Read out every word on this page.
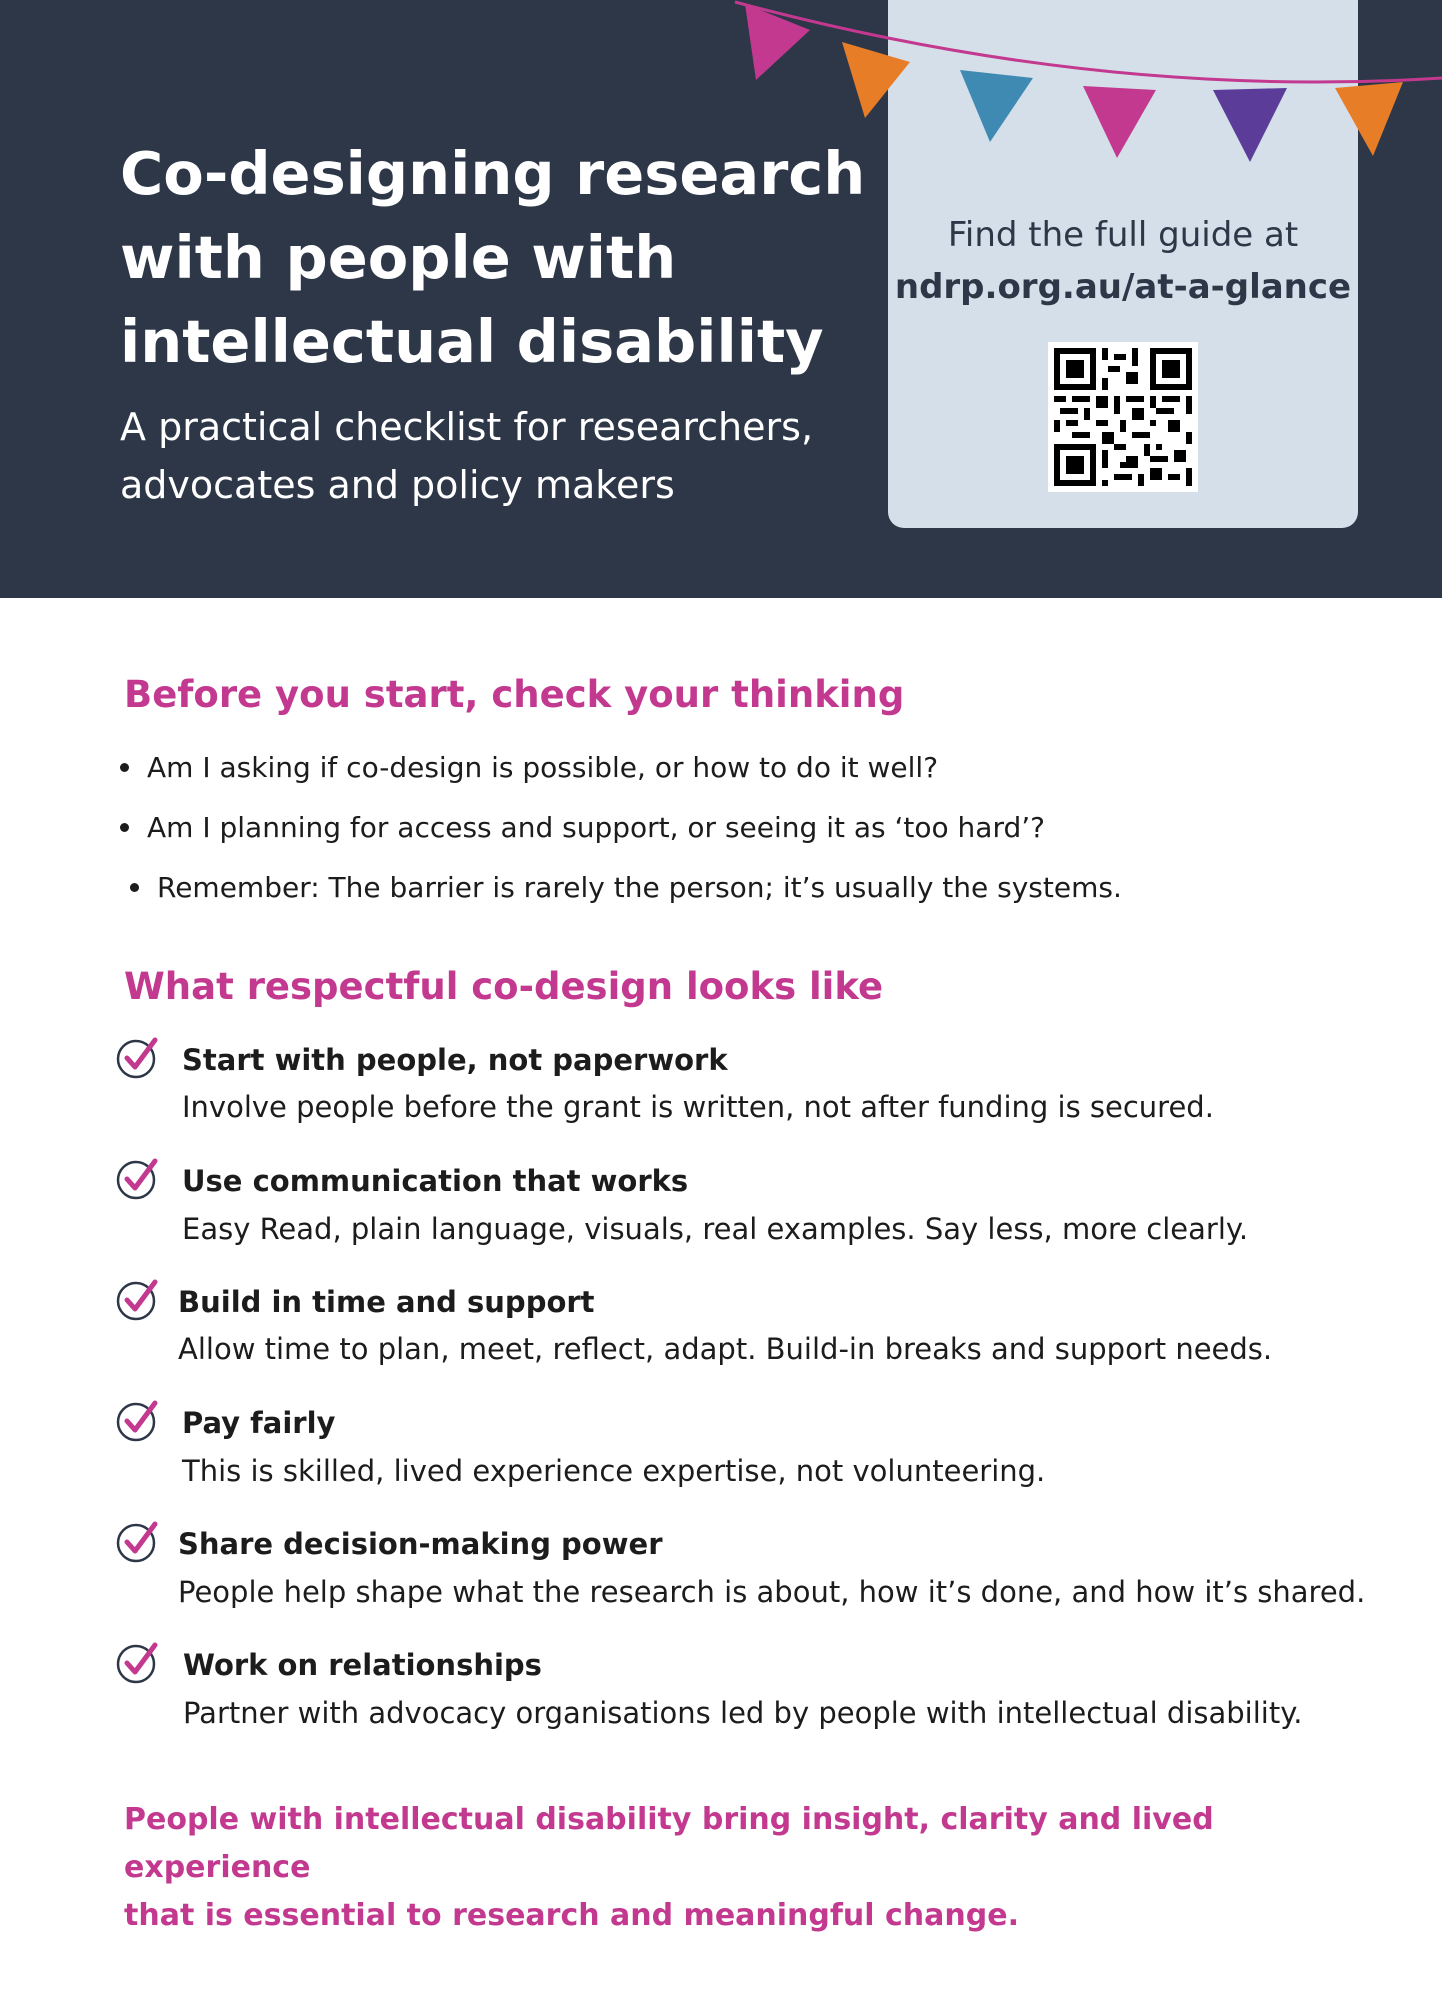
Co-designing research
with people with
intellectual disability

A practical checklist for researchers,
advocates and policy makers

Find the full guide at
ndrp.org.au/at-a-glance
Before you start, check your thinking
Am I asking if co-design is possible, or how to do it well?
Am I planning for access and support, or seeing it as ‘too hard’?
Remember: The barrier is rarely the person; it’s usually the systems.
What respectful co-design looks like
Start with people, not paperwork
Involve people before the grant is written, not after funding is secured.
Use communication that works
Easy Read, plain language, visuals, real examples. Say less, more clearly.
Build in time and support
Allow time to plan, meet, reflect, adapt. Build-in breaks and support needs.
Pay fairly
This is skilled, lived experience expertise, not volunteering.
Share decision-making power
People help shape what the research is about, how it’s done, and how it’s shared.
Work on relationships
Partner with advocacy organisations led by people with intellectual disability.

People with intellectual disability bring insight, clarity and lived experience
that is essential to research and meaningful change.
